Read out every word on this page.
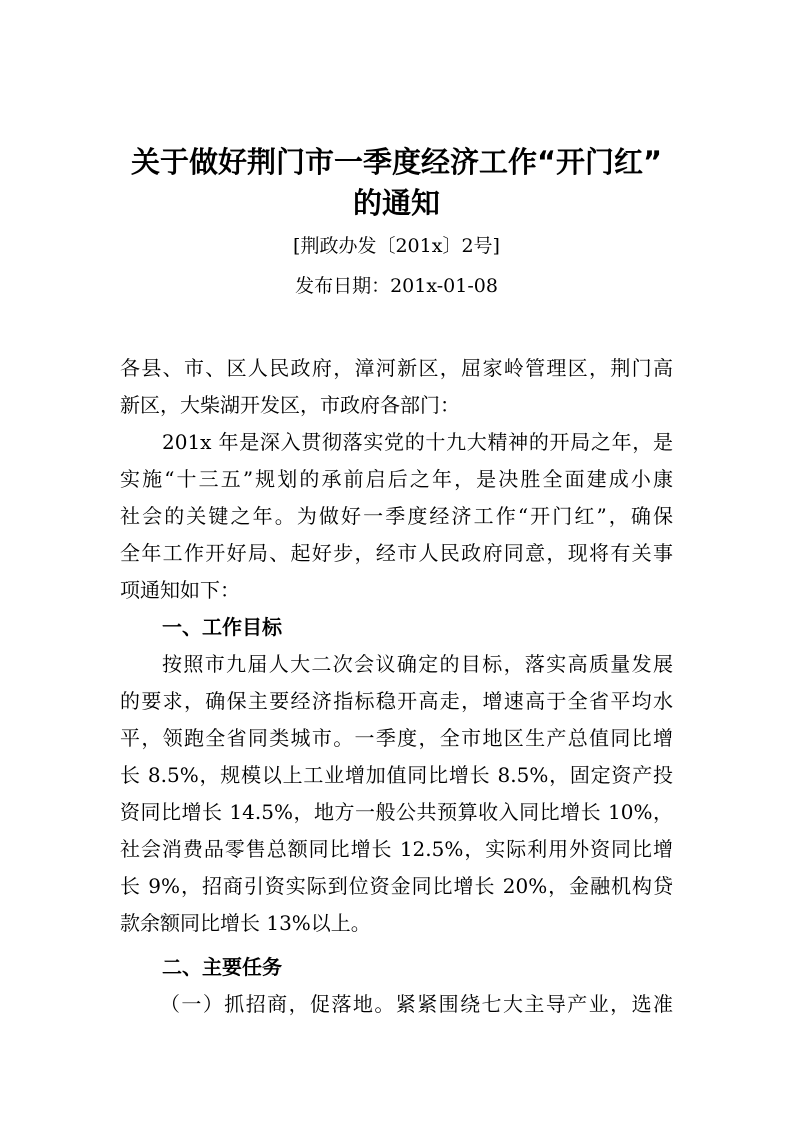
关于做好荆门市一季度经济工作“开门红”
的通知
[荆政办发〔201x〕2号]
发布日期：201x-01-08
各县、市、区人民政府，漳河新区，屈家岭管理区，荆门高
新区，大柴湖开发区，市政府各部门：
201x 年是深入贯彻落实党的十九大精神的开局之年，是
实施“十三五”规划的承前启后之年，是决胜全面建成小康
社会的关键之年。为做好一季度经济工作“开门红”，确保
全年工作开好局、起好步，经市人民政府同意，现将有关事
项通知如下：
一、工作目标
按照市九届人大二次会议确定的目标，落实高质量发展
的要求，确保主要经济指标稳开高走，增速高于全省平均水
平，领跑全省同类城市。一季度，全市地区生产总值同比增
长 8.5%，规模以上工业增加值同比增长 8.5%，固定资产投
资同比增长 14.5%，地方一般公共预算收入同比增长 10%，
社会消费品零售总额同比增长 12.5%，实际利用外资同比增
长 9%，招商引资实际到位资金同比增长 20%，金融机构贷
款余额同比增长 13%以上。
二、主要任务
（一）抓招商，促落地。紧紧围绕七大主导产业，选准
